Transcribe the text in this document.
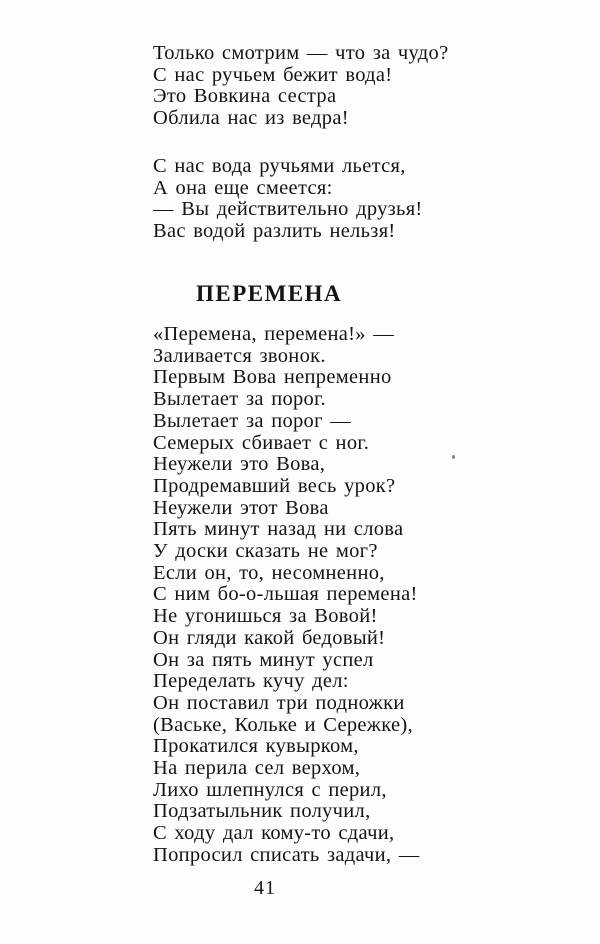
Только смотрим — что за чудо?
С нас ручьем бежит вода!
Это Вовкина сестра
Облила нас из ведра!
С нас вода ручьями льется,
А она еще смеется:
— Вы действительно друзья!
Вас водой разлить нельзя!
ПЕРЕМЕНА
«Перемена, перемена!» —
Заливается звонок.
Первым Вова непременно
Вылетает за порог.
Вылетает за порог —
Семерых сбивает с ног.
Неужели это Вова,
Продремавший весь урок?
Неужели этот Вова
Пять минут назад ни слова
У доски сказать не мог?
Если он, то, несомненно,
С ним бо-о-льшая перемена!
Не угонишься за Вовой!
Он гляди какой бедовый!
Он за пять минут успел
Переделать кучу дел:
Он поставил три подножки
(Ваське, Кольке и Сережке),
Прокатился кувырком,
На перила сел верхом,
Лихо шлепнулся с перил,
Подзатыльник получил,
С ходу дал кому-то сдачи,
Попросил списать задачи, —
41
